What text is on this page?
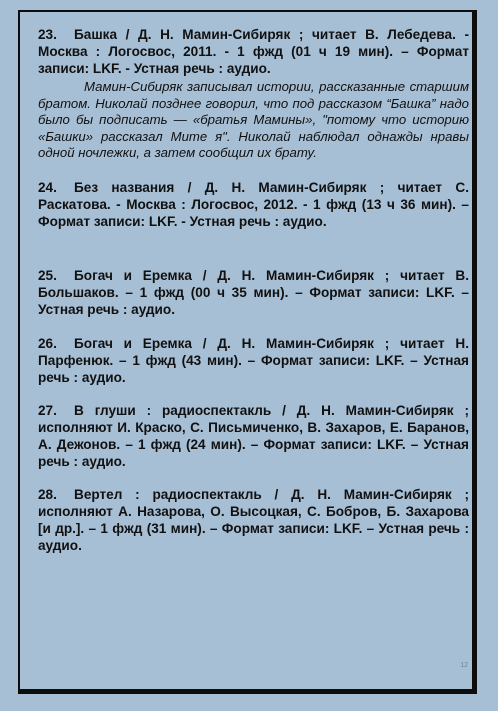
23. Башка / Д. Н. Мамин-Сибиряк ; читает В. Лебедева. - Москва : Логосвос, 2011. - 1 фжд (01 ч 19 мин). – Формат записи: LKF. - Устная речь : аудио.
Мамин-Сибиряк записывал истории, рассказанные старшим братом. Николай позднее говорил, что под рассказом “Башка” надо было бы подписать — «братья Мамины», "потому что историю «Башки» рассказал Мите я". Николай наблюдал однажды нравы одной ночлежки, а затем сообщил их брату.
24. Без названия / Д. Н. Мамин-Сибиряк ; читает С. Раскатова. - Москва : Логосвос, 2012. - 1 фжд (13 ч 36 мин). – Формат записи: LKF. - Устная речь : аудио.
25. Богач и Еремка / Д. Н. Мамин-Сибиряк ; читает В. Большаков. – 1 фжд (00 ч 35 мин). – Формат записи: LKF. – Устная речь : аудио.
26. Богач и Еремка / Д. Н. Мамин-Сибиряк ; читает Н. Парфенюк. – 1 фжд (43 мин). – Формат записи: LKF. – Устная речь : аудио.
27. В глуши : радиоспектакль / Д. Н. Мамин-Сибиряк ; исполняют И. Краско, С. Письмиченко, В. Захаров, Е. Баранов, А. Дежонов. – 1 фжд (24 мин). – Формат записи: LKF. – Устная речь : аудио.
28. Вертел : радиоспектакль / Д. Н. Мамин-Сибиряк ; исполняют А. Назарова, О. Высоцкая, С. Бобров, Б. Захарова [и др.]. – 1 фжд (31 мин). – Формат записи: LKF. – Устная речь : аудио.
12
